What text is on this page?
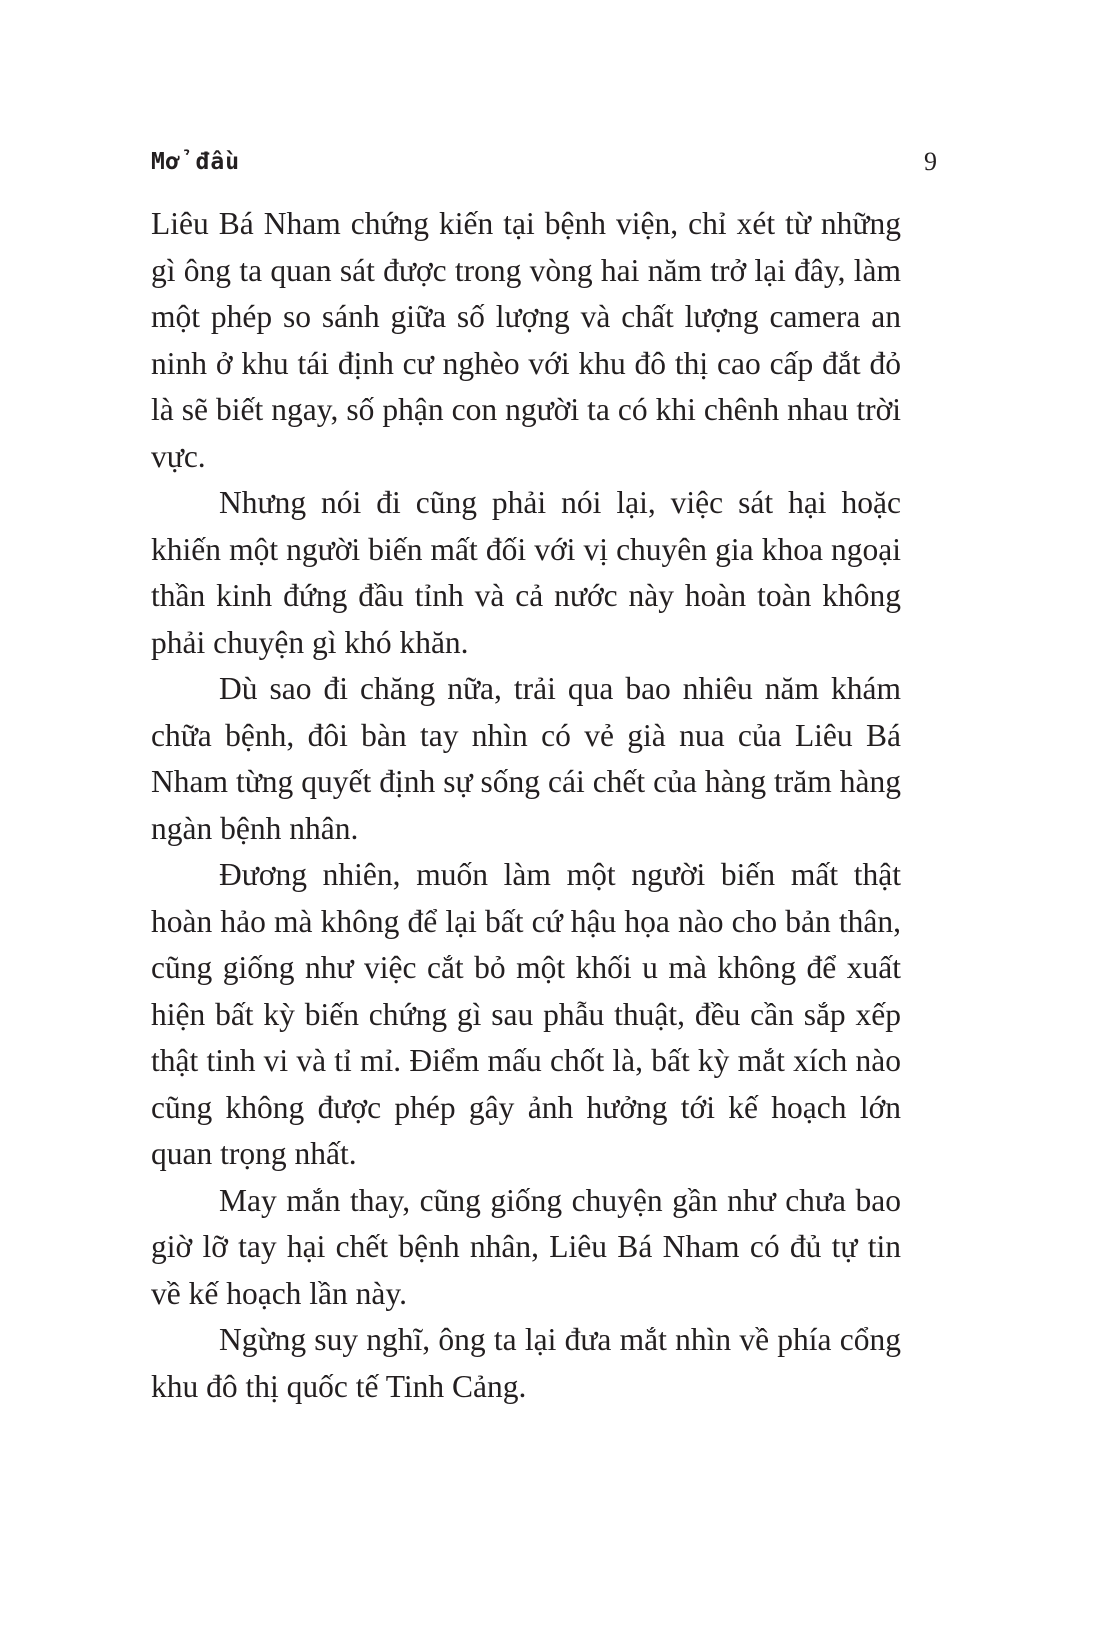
Mở đầu	9

Liêu Bá Nham chứng kiến tại bệnh viện, chỉ xét từ những gì ông ta quan sát được trong vòng hai năm trở lại đây, làm một phép so sánh giữa số lượng và chất lượng camera an ninh ở khu tái định cư nghèo với khu đô thị cao cấp đắt đỏ là sẽ biết ngay, số phận con người ta có khi chênh nhau trời vực.

Nhưng nói đi cũng phải nói lại, việc sát hại hoặc khiến một người biến mất đối với vị chuyên gia khoa ngoại thần kinh đứng đầu tỉnh và cả nước này hoàn toàn không phải chuyện gì khó khăn.

Dù sao đi chăng nữa, trải qua bao nhiêu năm khám chữa bệnh, đôi bàn tay nhìn có vẻ già nua của Liêu Bá Nham từng quyết định sự sống cái chết của hàng trăm hàng ngàn bệnh nhân.

Đương nhiên, muốn làm một người biến mất thật hoàn hảo mà không để lại bất cứ hậu họa nào cho bản thân, cũng giống như việc cắt bỏ một khối u mà không để xuất hiện bất kỳ biến chứng gì sau phẫu thuật, đều cần sắp xếp thật tinh vi và tỉ mỉ. Điểm mấu chốt là, bất kỳ mắt xích nào cũng không được phép gây ảnh hưởng tới kế hoạch lớn quan trọng nhất.

May mắn thay, cũng giống chuyện gần như chưa bao giờ lỡ tay hại chết bệnh nhân, Liêu Bá Nham có đủ tự tin về kế hoạch lần này.

Ngừng suy nghĩ, ông ta lại đưa mắt nhìn về phía cổng khu đô thị quốc tế Tinh Cảng.
